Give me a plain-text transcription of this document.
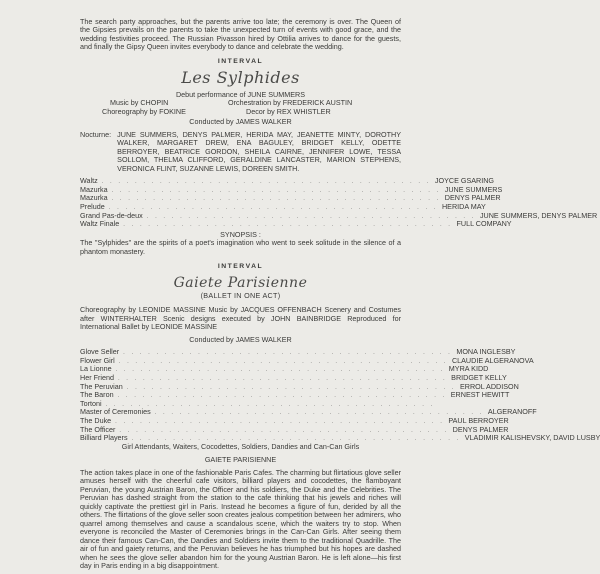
The search party approaches, but the parents arrive too late; the ceremony is over. The Queen of the Gipsies prevails on the parents to take the unexpected turn of events with good grace, and the wedding festivities proceed. The Russian Pivasson hired by Ottilia arrives to dance for the guests, and finally the Gipsy Queen invites everybody to dance and celebrate the wedding.

INTERVAL

Les Sylphides

Debut performance of JUNE SUMMERS

Music by CHOPIN	Orchestration by FREDERICK AUSTIN
Choreography by FOKINE	Decor by REX WHISTLER

Conducted by JAMES WALKER

Nocturne: JUNE SUMMERS, DENYS PALMER, HERIDA MAY, JEANETTE MINTY, DOROTHY WALKER, MARGARET DREW, ENA BAGULEY, BRIDGET KELLY, ODETTE BERROYER, BEATRICE GORDON, SHEILA CAIRNE, JENNIFER LOWE, TESSA SOLLOM, THELMA CLIFFORD, GERALDINE LANCASTER, MARION STEPHENS, VERONICA FLINT, SUZANNE LEWIS, DOREEN SMITH.
Waltz . . . . . . . . . . . . . . . . . . . . . . . . . . . . . . . . . . . . . . . . JOYCE GSARING
Mazurka . . . . . . . . . . . . . . . . . . . . . . . . . . . . . . . . . . . . . . . . JUNE SUMMERS
Mazurka . . . . . . . . . . . . . . . . . . . . . . . . . . . . . . . . . . . . . . . . DENYS PALMER
Prelude . . . . . . . . . . . . . . . . . . . . . . . . . . . . . . . . . . . . . . . . HERIDA MAY
Grand Pas-de-deux . . . . . . . . . . . . . . . . . . . . . . . . . . . . . . . . . . . . . . . . JUNE SUMMERS, DENYS PALMER
Waltz Finale . . . . . . . . . . . . . . . . . . . . . . . . . . . . . . . . . . . . . . . . FULL COMPANY

SYNOPSIS :

The "Sylphides" are the spirits of a poet's imagination who went to seek solitude in the silence of a phantom monastery.

INTERVAL

Gaiete Parisienne

(BALLET IN ONE ACT)

Choreography by LEONIDE MASSINE Music by JACQUES OFFENBACH Scenery and Costumes after WINTERHALTER Scenic designs executed by JOHN BAINBRIDGE Reproduced for International Ballet by LEONIDE MASSINE

Conducted by JAMES WALKER

Glove Seller . . . . . . . . . . . . . . . . . . . . . . . . . . . . . . . . . . . . . . . . MONA INGLESBY
Flower Girl . . . . . . . . . . . . . . . . . . . . . . . . . . . . . . . . . . . . . . . . CLAUDIE ALGERANOVA
La Lionne . . . . . . . . . . . . . . . . . . . . . . . . . . . . . . . . . . . . . . . . MYRA KIDD
Her Friend . . . . . . . . . . . . . . . . . . . . . . . . . . . . . . . . . . . . . . . . BRIDGET KELLY
The Peruvian . . . . . . . . . . . . . . . . . . . . . . . . . . . . . . . . . . . . . . . . ERROL ADDISON
The Baron . . . . . . . . . . . . . . . . . . . . . . . . . . . . . . . . . . . . . . . . ERNEST HEWITT
Tortoni . . . . . . . . . . . . . . . . . . . . . . . . . . . . . . . . . . . . . . . .
Master of Ceremonies . . . . . . . . . . . . . . . . . . . . . . . . . . . . . . . . . . . . . . . . ALGERANOFF
The Duke . . . . . . . . . . . . . . . . . . . . . . . . . . . . . . . . . . . . . . . . PAUL BERROYER
The Officer . . . . . . . . . . . . . . . . . . . . . . . . . . . . . . . . . . . . . . . . DENYS PALMER
Billiard Players . . . . . . . . . . . . . . . . . . . . . . . . . . . . . . . . . . . . . . . . VLADIMIR KALISHEVSKY, DAVID LUSBY

Girl Attendants, Waiters, Cocodettes, Soldiers, Dandies and Can-Can Girls

GAIETE PARISIENNE

The action takes place in one of the fashionable Paris Cafes. The charming but flirtatious glove seller amuses herself with the cheerful cafe visitors, billiard players and cocodettes, the flamboyant Peruvian, the young Austrian Baron, the Officer and his soldiers, the Duke and the Celebrities. The Peruvian has dashed straight from the station to the cafe thinking that his jewels and riches will quickly captivate the prettiest girl in Paris. Instead he becomes a figure of fun, derided by all the others. The flirtations of the glove seller soon creates jealous competition between her admirers, who quarrel among themselves and cause a scandalous scene, which the waiters try to stop. When everyone is reconciled the Master of Ceremonies brings in the Can-Can Girls. After seeing them dance their famous Can-Can, the Dandies and Soldiers invite them to the traditional Quadrille. The air of fun and gaiety returns, and the Peruvian believes he has triumphed but his hopes are dashed when he sees the glove seller abandon him for the young Austrian Baron. He is left alone—his first day in Paris ending in a big disappointment.
